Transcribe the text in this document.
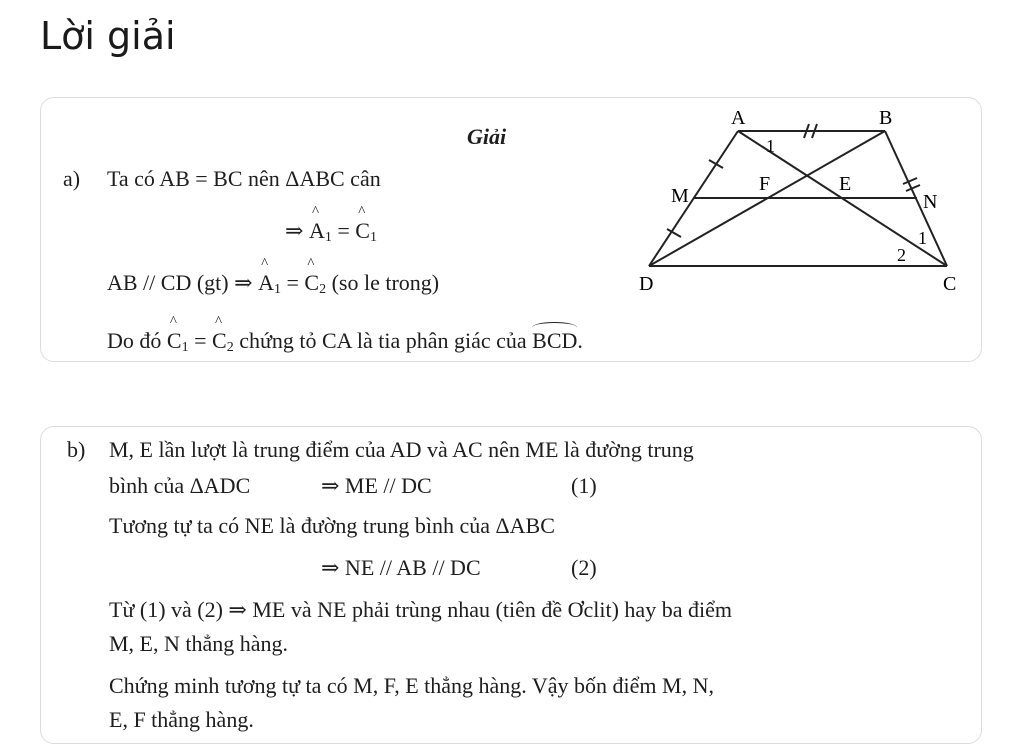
Lời giải
Giải
a) Ta có AB = BC nên ΔABC cân
⇒ ^ $A_1$ = ^ $C_1$
AB // CD (gt) ⇒ ^ $A_1$ = ^ $C_2$ (so le trong)
Do đó ^ $C_1$ = ^ $C_2$ chứng tỏ CA là tia phân giác của BCD.
A	B
C
D
M	N
E
F
1
1
2
b) M, E lần lượt là trung điểm của AD và AC nên ME là đường trung
bình của ΔADC	⇒ ME // DC	(1)
Tương tự ta có NE là đường trung bình của ΔABC
⇒ NE // AB // DC	(2)
Từ (1) và (2) ⇒ ME và NE phải trùng nhau (tiên đề Ơclit) hay ba điểm
M, E, N thẳng hàng.
Chứng minh tương tự ta có M, F, E thẳng hàng. Vậy bốn điểm M, N,
E, F thẳng hàng.
